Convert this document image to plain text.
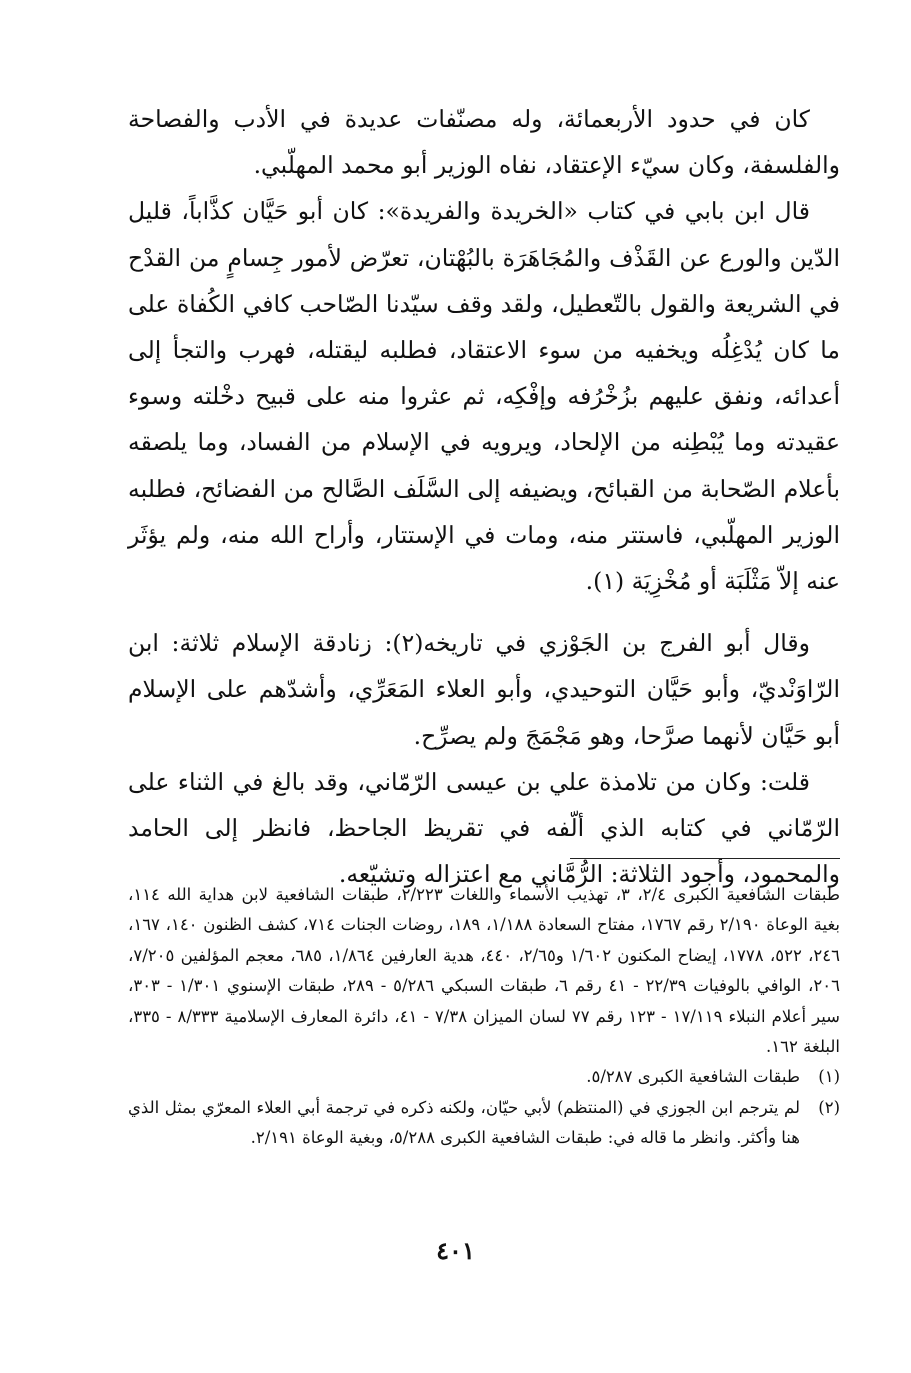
كان في حدود الأربعمائة، وله مصنّفات عديدة في الأدب والفصاحة والفلسفة، وكان سيّء الإعتقاد، نفاه الوزير أبو محمد المهلّبي.

قال ابن بابي في كتاب «الخريدة والفريدة»: كان أبو حَيَّان كذَّاباً، قليل الدّين والورع عن القَذْف والمُجَاهَرَة بالبُهْتان، تعرّض لأمور جِسامٍ من القدْح في الشريعة والقول بالتّعطيل، ولقد وقف سيّدنا الصّاحب كافي الكُفاة على ما كان يُدْغِلُه ويخفيه من سوء الاعتقاد، فطلبه ليقتله، فهرب والتجأ إلى أعدائه، ونفق عليهم بزُخْرُفه وإفْكِه، ثم عثروا منه على قبيح دخْلته وسوء عقيدته وما يُبْطِنه من الإلحاد، ويرويه في الإسلام من الفساد، وما يلصقه بأعلام الصّحابة من القبائح، ويضيفه إلى السَّلَف الصَّالح من الفضائح، فطلبه الوزير المهلّبي، فاستتر منه، ومات في الإستتار، وأراح الله منه، ولم يؤثَر عنه إلاّ مَثْلَبَة أو مُخْزِيَة (١).

وقال أبو الفرج بن الجَوْزي في تاريخه(٢): زنادقة الإسلام ثلاثة: ابن الرّاوَنْديّ، وأبو حَيَّان التوحيدي، وأبو العلاء المَعَرِّي، وأشدّهم على الإسلام أبو حَيَّان لأنهما صرَّحا، وهو مَجْمَجَ ولم يصرِّح.

قلت: وكان من تلامذة علي بن عيسى الرّمّاني، وقد بالغ في الثناء على الرّمّاني في كتابه الذي ألّفه في تقريظ الجاحظ، فانظر إلى الحامد والمحمود، وأجود الثلاثة: الرُّمَّاني مع اعتزاله وتشيّعه.

طبقات الشافعية الكبرى ٢/٤، ٣، تهذيب الأسماء واللغات ٢/٢٢٣، طبقات الشافعية لابن هداية الله ١١٤، بغية الوعاة ٢/١٩٠ رقم ١٧٦٧، مفتاح السعادة ١/١٨٨، ١٨٩، روضات الجنات ٧١٤، كشف الظنون ١٤٠، ١٦٧، ٢٤٦، ٥٢٢، ١٧٧٨، إيضاح المكنون ١/٦٠٢ و٢/٦٥، ٤٤٠، هدية العارفين ١/٨٦٤، ٦٨٥، معجم المؤلفين ٧/٢٠٥، ٢٠٦، الوافي بالوفيات ٢٢/٣٩ - ٤١ رقم ٦، طبقات السبكي ٥/٢٨٦ - ٢٨٩، طبقات الإسنوي ١/٣٠١ - ٣٠٣، سير أعلام النبلاء ١٧/١١٩ - ١٢٣ رقم ٧٧ لسان الميزان ٧/٣٨ - ٤١، دائرة المعارف الإسلامية ٨/٣٣٣ - ٣٣٥، البلغة ١٦٢.

(١)
طبقات الشافعية الكبرى ٥/٢٨٧.
(٢)
لم يترجم ابن الجوزي في (المنتظم) لأبي حيّان، ولكنه ذكره في ترجمة أبي العلاء المعرّي بمثل الذي هنا وأكثر. وانظر ما قاله في: طبقات الشافعية الكبرى ٥/٢٨٨، وبغية الوعاة ٢/١٩١.
٤٠١
